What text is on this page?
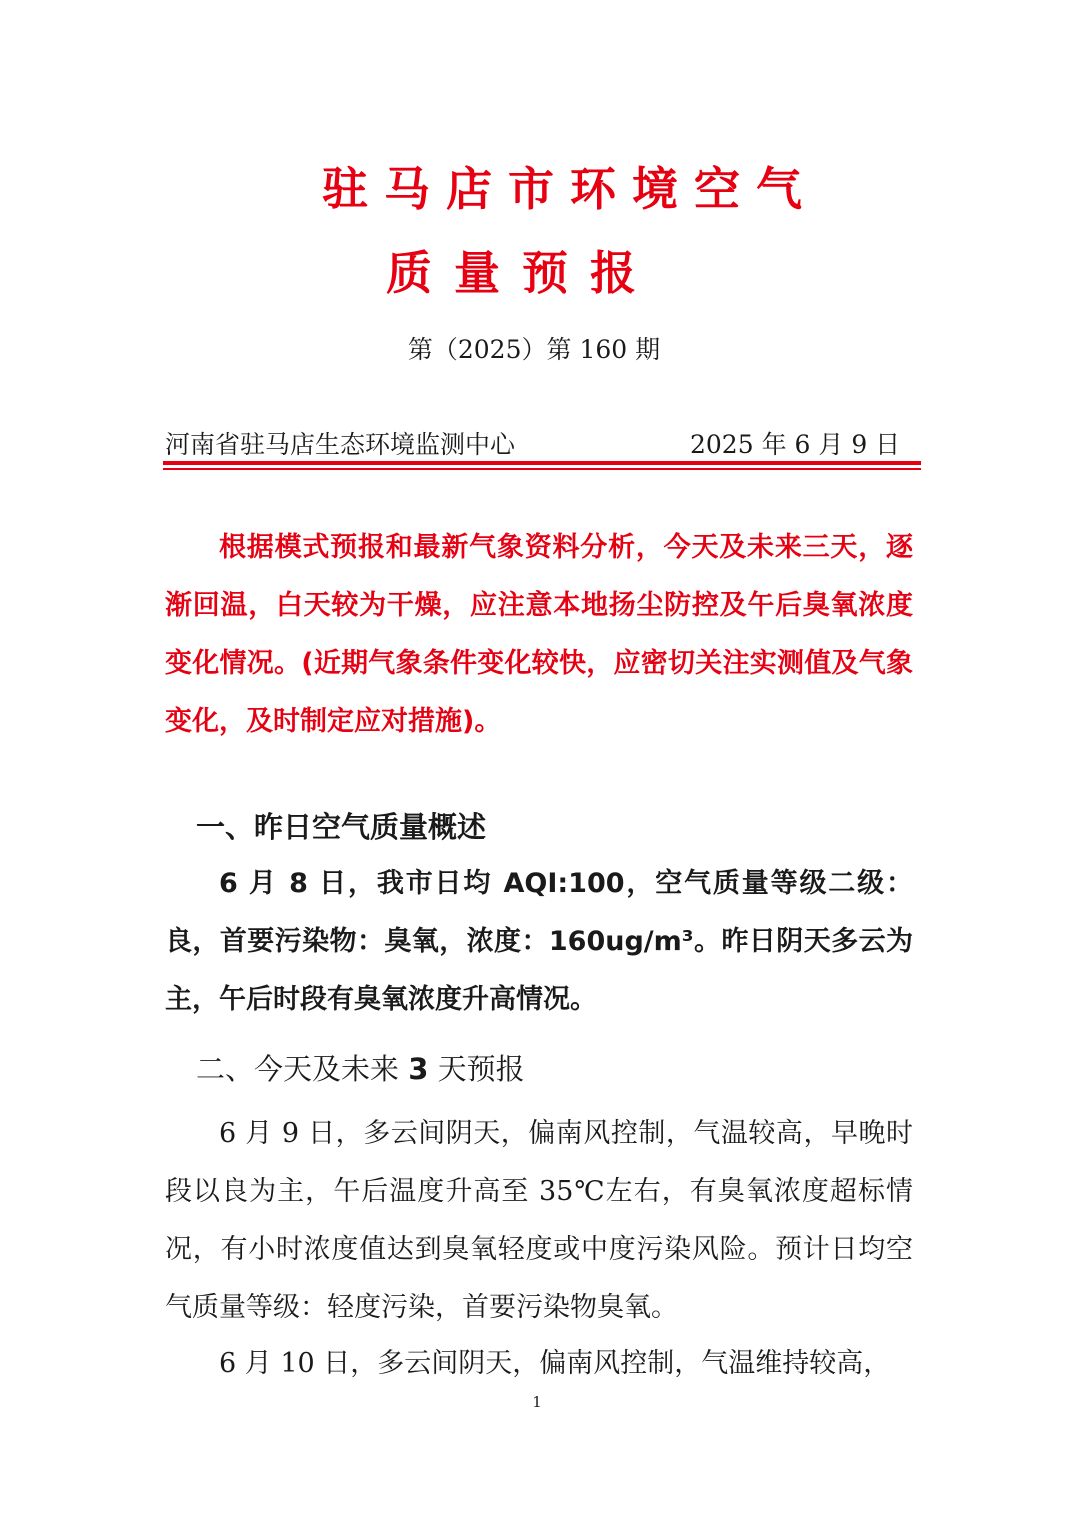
驻马店市环境空气
质量预报
第（2025）第 160 期
河南省驻马店生态环境监测中心	2025 年 6 月 9 日
根据模式预报和最新气象资料分析，今天及未来三天，逐渐回温，白天较为干燥，应注意本地扬尘防控及午后臭氧浓度变化情况。(近期气象条件变化较快，应密切关注实测值及气象变化，及时制定应对措施)。
一、昨日空气质量概述
6 月 8 日，我市日均 AQI:100，空气质量等级二级：良，首要污染物：臭氧，浓度：160ug/m³。昨日阴天多云为主，午后时段有臭氧浓度升高情况。
二、今天及未来 3 天预报
6 月 9 日，多云间阴天，偏南风控制，气温较高，早晚时段以良为主，午后温度升高至 35℃左右，有臭氧浓度超标情况，有小时浓度值达到臭氧轻度或中度污染风险。预计日均空气质量等级：轻度污染，首要污染物臭氧。
6 月 10 日，多云间阴天，偏南风控制，气温维持较高，
1
